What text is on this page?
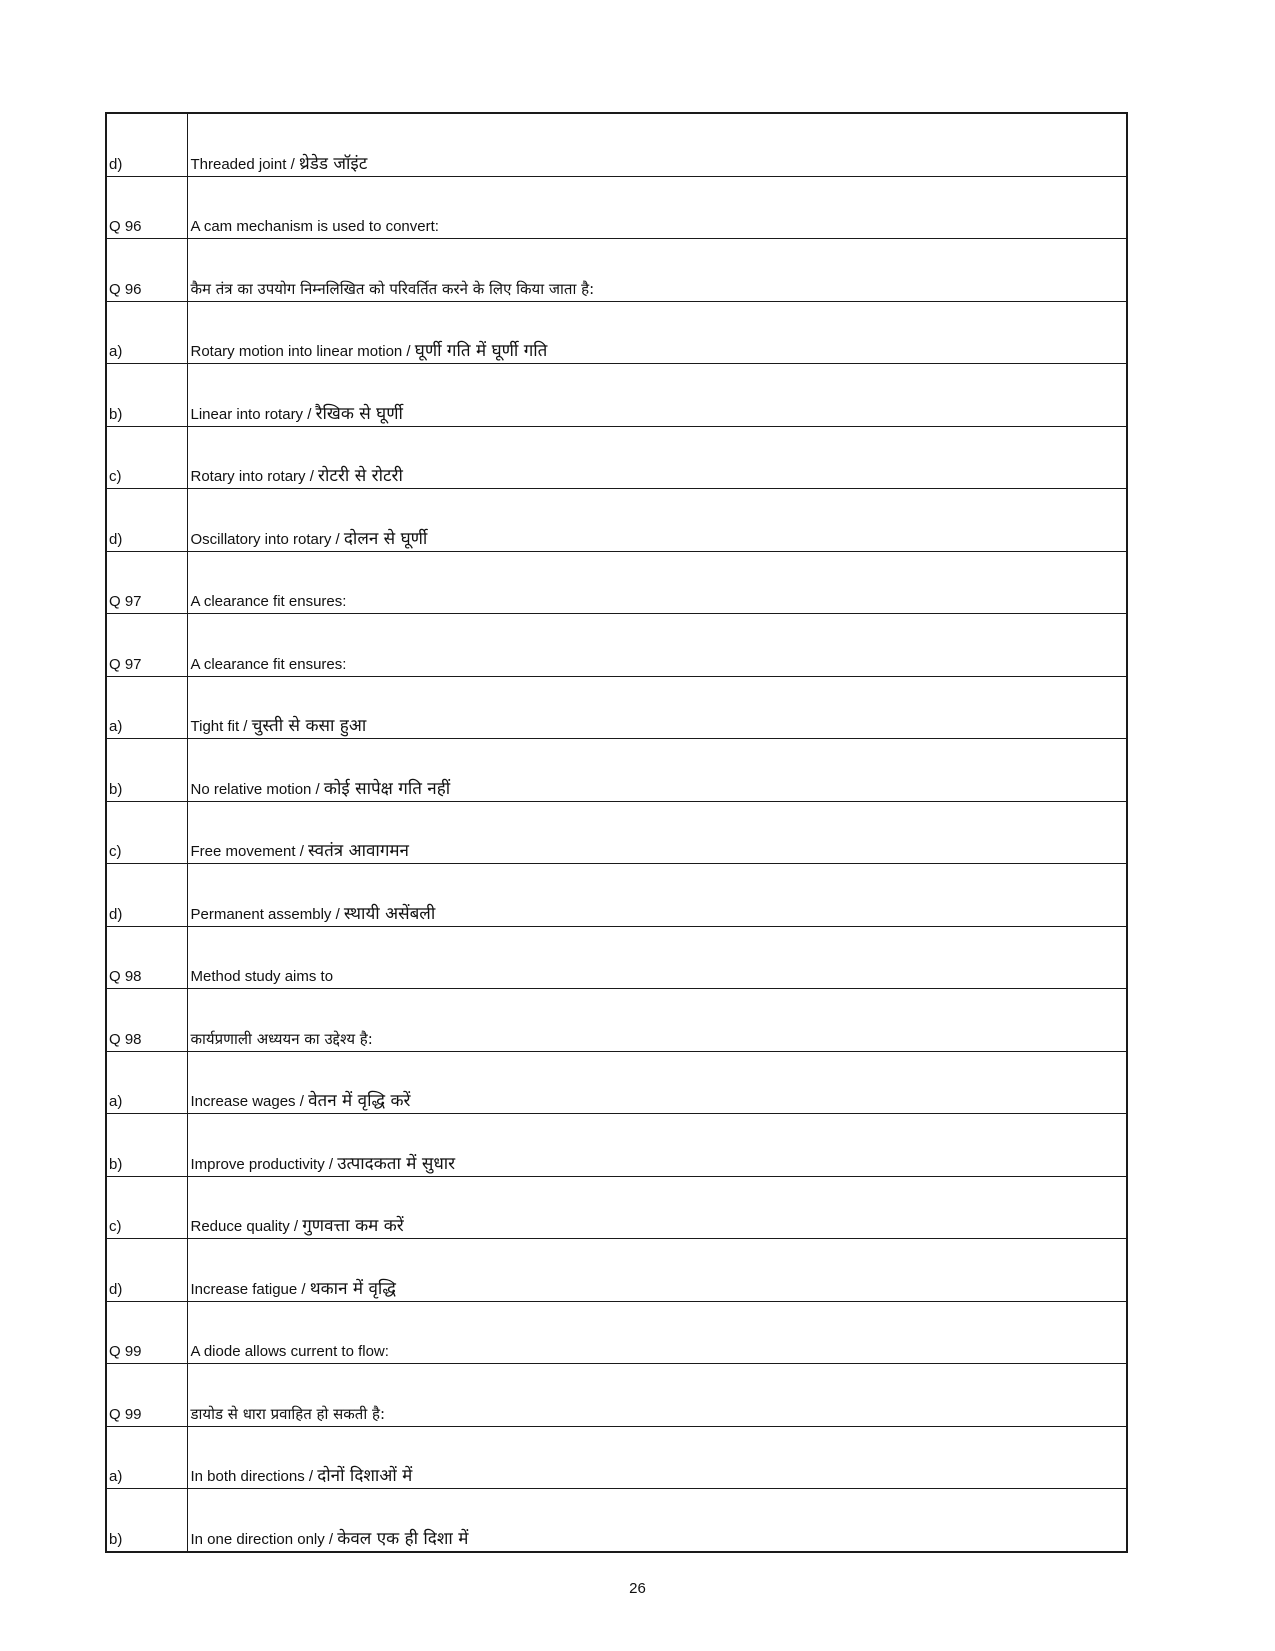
d)	Threaded joint / थ्रेडेड जॉइंट
Q 96	A cam mechanism is used to convert:
Q 96	कैम तंत्र का उपयोग निम्नलिखित को परिवर्तित करने के लिए किया जाता है:
a)	Rotary motion into linear motion / घूर्णी गति में घूर्णी गति
b)	Linear into rotary / रैखिक से घूर्णी
c)	Rotary into rotary / रोटरी से रोटरी
d)	Oscillatory into rotary / दोलन से घूर्णी
Q 97	A clearance fit ensures:
Q 97	A clearance fit ensures:
a)	Tight fit / चुस्ती से कसा हुआ
b)	No relative motion / कोई सापेक्ष गति नहीं
c)	Free movement / स्वतंत्र आवागमन
d)	Permanent assembly / स्थायी असेंबली
Q 98	Method study aims to
Q 98	कार्यप्रणाली अध्ययन का उद्देश्य है:
a)	Increase wages / वेतन में वृद्धि करें
b)	Improve productivity / उत्पादकता में सुधार
c)	Reduce quality / गुणवत्ता कम करें
d)	Increase fatigue / थकान में वृद्धि
Q 99	A diode allows current to flow:
Q 99	डायोड से धारा प्रवाहित हो सकती है:
a)	In both directions / दोनों दिशाओं में
b)	In one direction only / केवल एक ही दिशा में
26
